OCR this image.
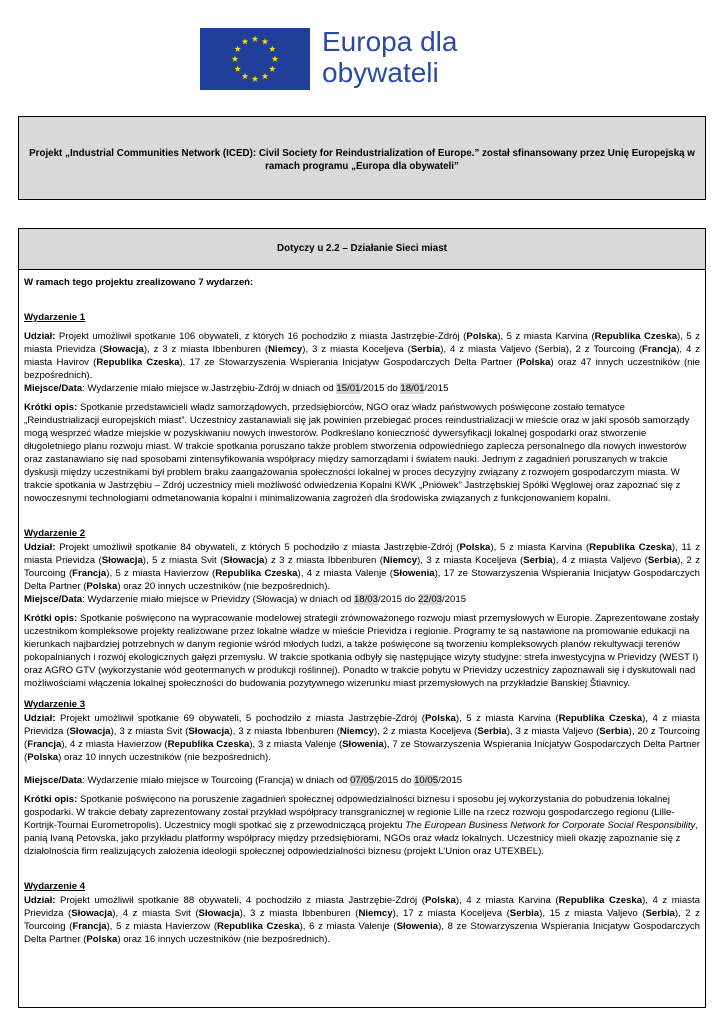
Europa dla
obywateli

Projekt „Industrial Communities Network (ICED): Civil Society for Reindustrialization of Europe.” został sfinansowany przez Unię Europejską w ramach programu „Europa dla obywateli”

Dotyczy u 2.2 – Działanie Sieci miast

W ramach tego projektu zrealizowano 7 wydarzeń:

Wydarzenie 1

Udział: Projekt umożliwił spotkanie 106 obywateli, z których 16 pochodziło z miasta Jastrzębie-Zdrój (Polska), 5 z miasta Karvina (Republika Czeska), 5 z miasta Prievidza (Słowacja), z 3 z miasta Ibbenburen (Niemcy), 3 z miasta Koceljeva (Serbia), 4 z miasta Valjevo (Serbia), 2 z Tourcoing (Francja), 4 z miasta Havirov (Republika Czeska), 17 ze Stowarzyszenia Wspierania Inicjatyw Gospodarczych Delta Partner (Polska) oraz 47 innych uczestników (nie bezpośrednich).

Miejsce/Data: Wydarzenie miało miejsce w Jastrzębiu-Zdrój w dniach od 15/01/2015 do 18/01/2015

Krótki opis: Spotkanie przedstawicieli władz samorządowych, przedsiębiorców, NGO oraz władz państwowych poświęcone zostało tematyce „Reindustrializacji europejskich miast”. Uczestnicy zastanawiali się jak powinien przebiegać proces reindustrializacji w mieście oraz w jaki sposób samorządy mogą wesprzeć władze miejskie w pozyskiwaniu nowych inwestorów. Podkreślano konieczność dywersyfikacji lokalnej gospodarki oraz stworzenie długoletniego planu rozwoju miast. W trakcie spotkania poruszano także problem stworzenia odpowiedniego zaplecza personalnego dla nowych inwestorów oraz zastanawiano się nad sposobami zintensyfikowania współpracy między samorządami i światem nauki. Jednym z zagadnień poruszanych w trakcie dyskusji między uczestnikami był problem braku zaangażowania społeczności lokalnej w proces decyzyjny związany z rozwojem gospodarczym miasta. W trakcie spotkania w Jastrzębiu – Zdrój uczestnicy mieli możliwość odwiedzenia Kopalni KWK „Pniówek” Jastrzębskiej Spółki Węglowej oraz zapoznać się z nowoczesnymi technologiami odmetanowania kopalni i minimalizowania zagrożeń dla środowiska związanych z funkcjonowaniem kopalni.

Wydarzenie 2

Udział: Projekt umożliwił spotkanie 84 obywateli, z których 5 pochodziło z miasta Jastrzębie-Zdrój (Polska), 5 z miasta Karvina (Republika Czeska), 11 z miasta Prievidza (Słowacja), 5 z miasta Svit (Słowacja) z 3 z miasta Ibbenburen (Niemcy), 3 z miasta Koceljeva (Serbia), 4 z miasta Valjevo (Serbia), 2 z Tourcoing (Francja), 5 z miasta Havierzow (Republika Czeska), 4 z miasta Valenje (Słowenia), 17 ze Stowarzyszenia Wspierania Inicjatyw Gospodarczych Delta Partner (Polska) oraz 20 innych uczestników (nie bezpośrednich).

Miejsce/Data: Wydarzenie miało miejsce w Prievidzy (Słowacja) w dniach od 18/03/2015 do 22/03/2015

Krótki opis: Spotkanie poświęcono na wypracowanie modelowej strategii zrównoważonego rozwoju miast przemysłowych w Europie. Zaprezentowane zostały uczestnikom kompleksowe projekty realizowane przez lokalne władze w mieście Prievidza i regionie. Programy te są nastawione na promowanie edukacji na kierunkach najbardziej potrzebnych w danym regionie wśród młodych ludzi, a także poświęcone są tworzeniu kompleksowych planów rekultywacji terenów pokopalnianych i rozwój ekologicznych gałęzi przemysłu. W trakcie spotkania odbyły się następujące wizyty studyjne: strefa inwestycyjna w Prievidzy (WEST I) oraz AGRO GTV (wykorzystanie wód geotermanych w produkcji roślinnej). Ponadto w trakcie pobytu w Prievidzy uczestnicy zapoznawali się i dyskutowali nad możliwościami włączenia lokalnej społeczności do budowania pozytywnego wizerunku miast przemysłowych na przykładzie Banskiej Štiavnicy.

Wydarzenie 3

Udział: Projekt umożliwił spotkanie 69 obywateli, 5 pochodziło z miasta Jastrzębie-Zdrój (Polska), 5 z miasta Karvina (Republika Czeska), 4 z miasta Prievidza (Słowacja), 3 z miasta Svit (Słowacja), 3 z miasta Ibbenburen (Niemcy), 2 z miasta Koceljeva (Serbia), 3 z miasta Valjevo (Serbia), 20 z Tourcoing (Francja), 4 z miasta Havierzow (Republika Czeska), 3 z miasta Valenje (Słowenia), 7 ze Stowarzyszenia Wspierania Inicjatyw Gospodarczych Delta Partner (Polska) oraz 10 innych uczestników (nie bezpośrednich).

Miejsce/Data: Wydarzenie miało miejsce w Tourcoing (Francja) w dniach od 07/05/2015 do 10/05/2015

Krótki opis: Spotkanie poświęcono na poruszenie zagadnień społecznej odpowiedzialności biznesu i sposobu jej wykorzystania do pobudzenia lokalnej gospodarki. W trakcie debaty zaprezentowany został przykład współpracy transgranicznej w regionie Lille na rzecz rozwoju gospodarczego regionu (Lille-Kortrijk-Tournai Eurometropolis). Uczestnicy mogli spotkać się z przewodniczącą projektu The European Business Network for Corporate Social Responsibility, panią Ivaną Petovska, jako przykładu platformy współpracy między przedsiębiorami, NGOs oraz władz lokalnych. Uczestnicy mieli okazję zapoznanie się z działolnościa firm realizujących założenia ideologii społecznej odpowiedzialności biznesu (projekt L’Union oraz UTEXBEL).

Wydarzenie 4

Udział: Projekt umożliwił spotkanie 88 obywateli, 4 pochodziło z miasta Jastrzębie-Zdrój (Polska), 4 z miasta Karvina (Republika Czeska), 4 z miasta Prievidza (Słowacja), 4 z miasta Svit (Słowacja), 3 z miasta Ibbenburen (Niemcy), 17 z miasta Koceljeva (Serbia), 15 z miasta Valjevo (Serbia), 2 z Tourcoing (Francja), 5 z miasta Havierzow (Republika Czeska), 6 z miasta Valenje (Słowenia), 8 ze Stowarzyszenia Wspierania Inicjatyw Gospodarczych Delta Partner (Polska) oraz 16 innych uczestników (nie bezpośrednich).
